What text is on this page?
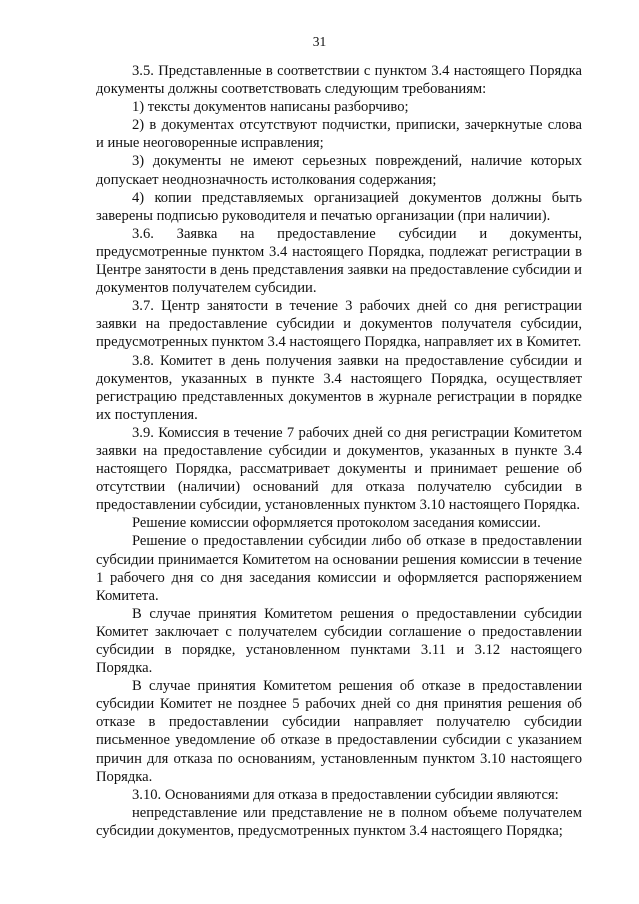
31

3.5. Представленные в соответствии с пунктом 3.4 настоящего Порядка документы должны соответствовать следующим требованиям:

1) тексты документов написаны разборчиво;

2) в документах отсутствуют подчистки, приписки, зачеркнутые слова и иные неоговоренные исправления;

3) документы не имеют серьезных повреждений, наличие которых допускает неоднозначность истолкования содержания;

4) копии представляемых организацией документов должны быть заверены подписью руководителя и печатью организации (при наличии).

3.6. Заявка на предоставление субсидии и документы, предусмотренные пунктом 3.4 настоящего Порядка, подлежат регистрации в Центре занятости в день представления заявки на предоставление субсидии и документов получателем субсидии.

3.7. Центр занятости в течение 3 рабочих дней со дня регистрации заявки на предоставление субсидии и документов получателя субсидии, предусмотренных пунктом 3.4 настоящего Порядка, направляет их в Комитет.

3.8. Комитет в день получения заявки на предоставление субсидии и документов, указанных в пункте 3.4 настоящего Порядка, осуществляет регистрацию представленных документов в журнале регистрации в порядке их поступления.

3.9. Комиссия в течение 7 рабочих дней со дня регистрации Комитетом заявки на предоставление субсидии и документов, указанных в пункте 3.4 настоящего Порядка, рассматривает документы и принимает решение об отсутствии (наличии) оснований для отказа получателю субсидии в предоставлении субсидии, установленных пунктом 3.10 настоящего Порядка.

Решение комиссии оформляется протоколом заседания комиссии.

Решение о предоставлении субсидии либо об отказе в предоставлении субсидии принимается Комитетом на основании решения комиссии в течение 1 рабочего дня со дня заседания комиссии и оформляется распоряжением Комитета.

В случае принятия Комитетом решения о предоставлении субсидии Комитет заключает с получателем субсидии соглашение о предоставлении субсидии в порядке, установленном пунктами 3.11 и 3.12 настоящего Порядка.

В случае принятия Комитетом решения об отказе в предоставлении субсидии Комитет не позднее 5 рабочих дней со дня принятия решения об отказе в предоставлении субсидии направляет получателю субсидии письменное уведомление об отказе в предоставлении субсидии с указанием причин для отказа по основаниям, установленным пунктом 3.10 настоящего Порядка.

3.10. Основаниями для отказа в предоставлении субсидии являются:

непредставление или представление не в полном объеме получателем субсидии документов, предусмотренных пунктом 3.4 настоящего Порядка;
